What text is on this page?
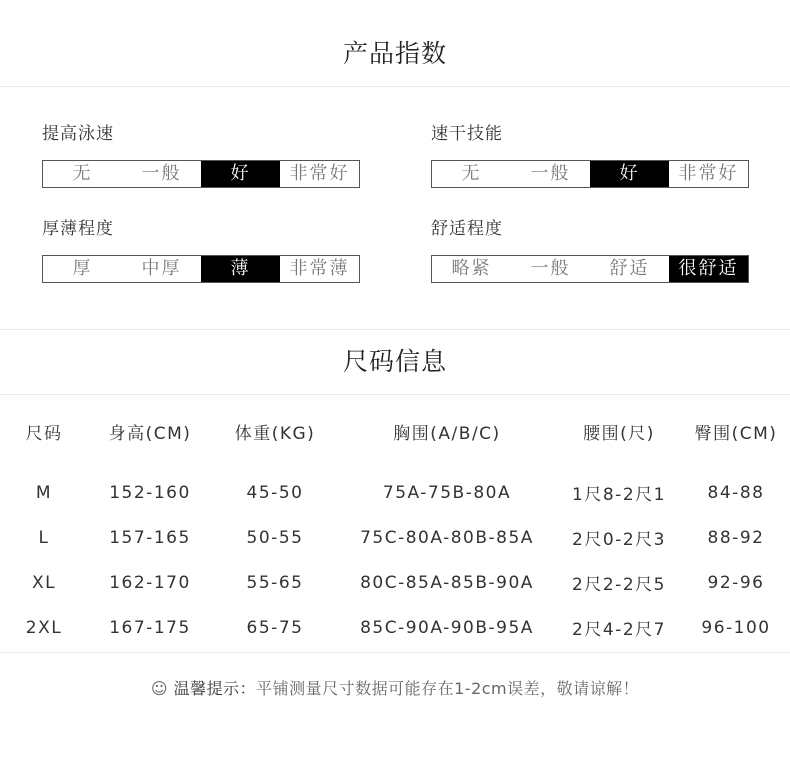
产品指数
提高泳速
无	一般	好	非常好
速干技能
无	一般	好	非常好
厚薄程度
厚	中厚	薄	非常薄
舒适程度
略紧	一般	舒适	很舒适
尺码信息
尺码	身高(CM)	体重(KG)	胸围(A/B/C)	腰围(尺)	臀围(CM)
M	152-160	45-50	75A-75B-80A	1尺8-2尺1	84-88
L	157-165	50-55	75C-80A-80B-85A	2尺0-2尺3	88-92
XL	162-170	55-65	80C-85A-85B-90A	2尺2-2尺5	92-96
2XL	167-175	65-75	85C-90A-90B-95A	2尺4-2尺7	96-100
☺ 温馨提示：平铺测量尺寸数据可能存在1-2cm误差，敬请谅解！
